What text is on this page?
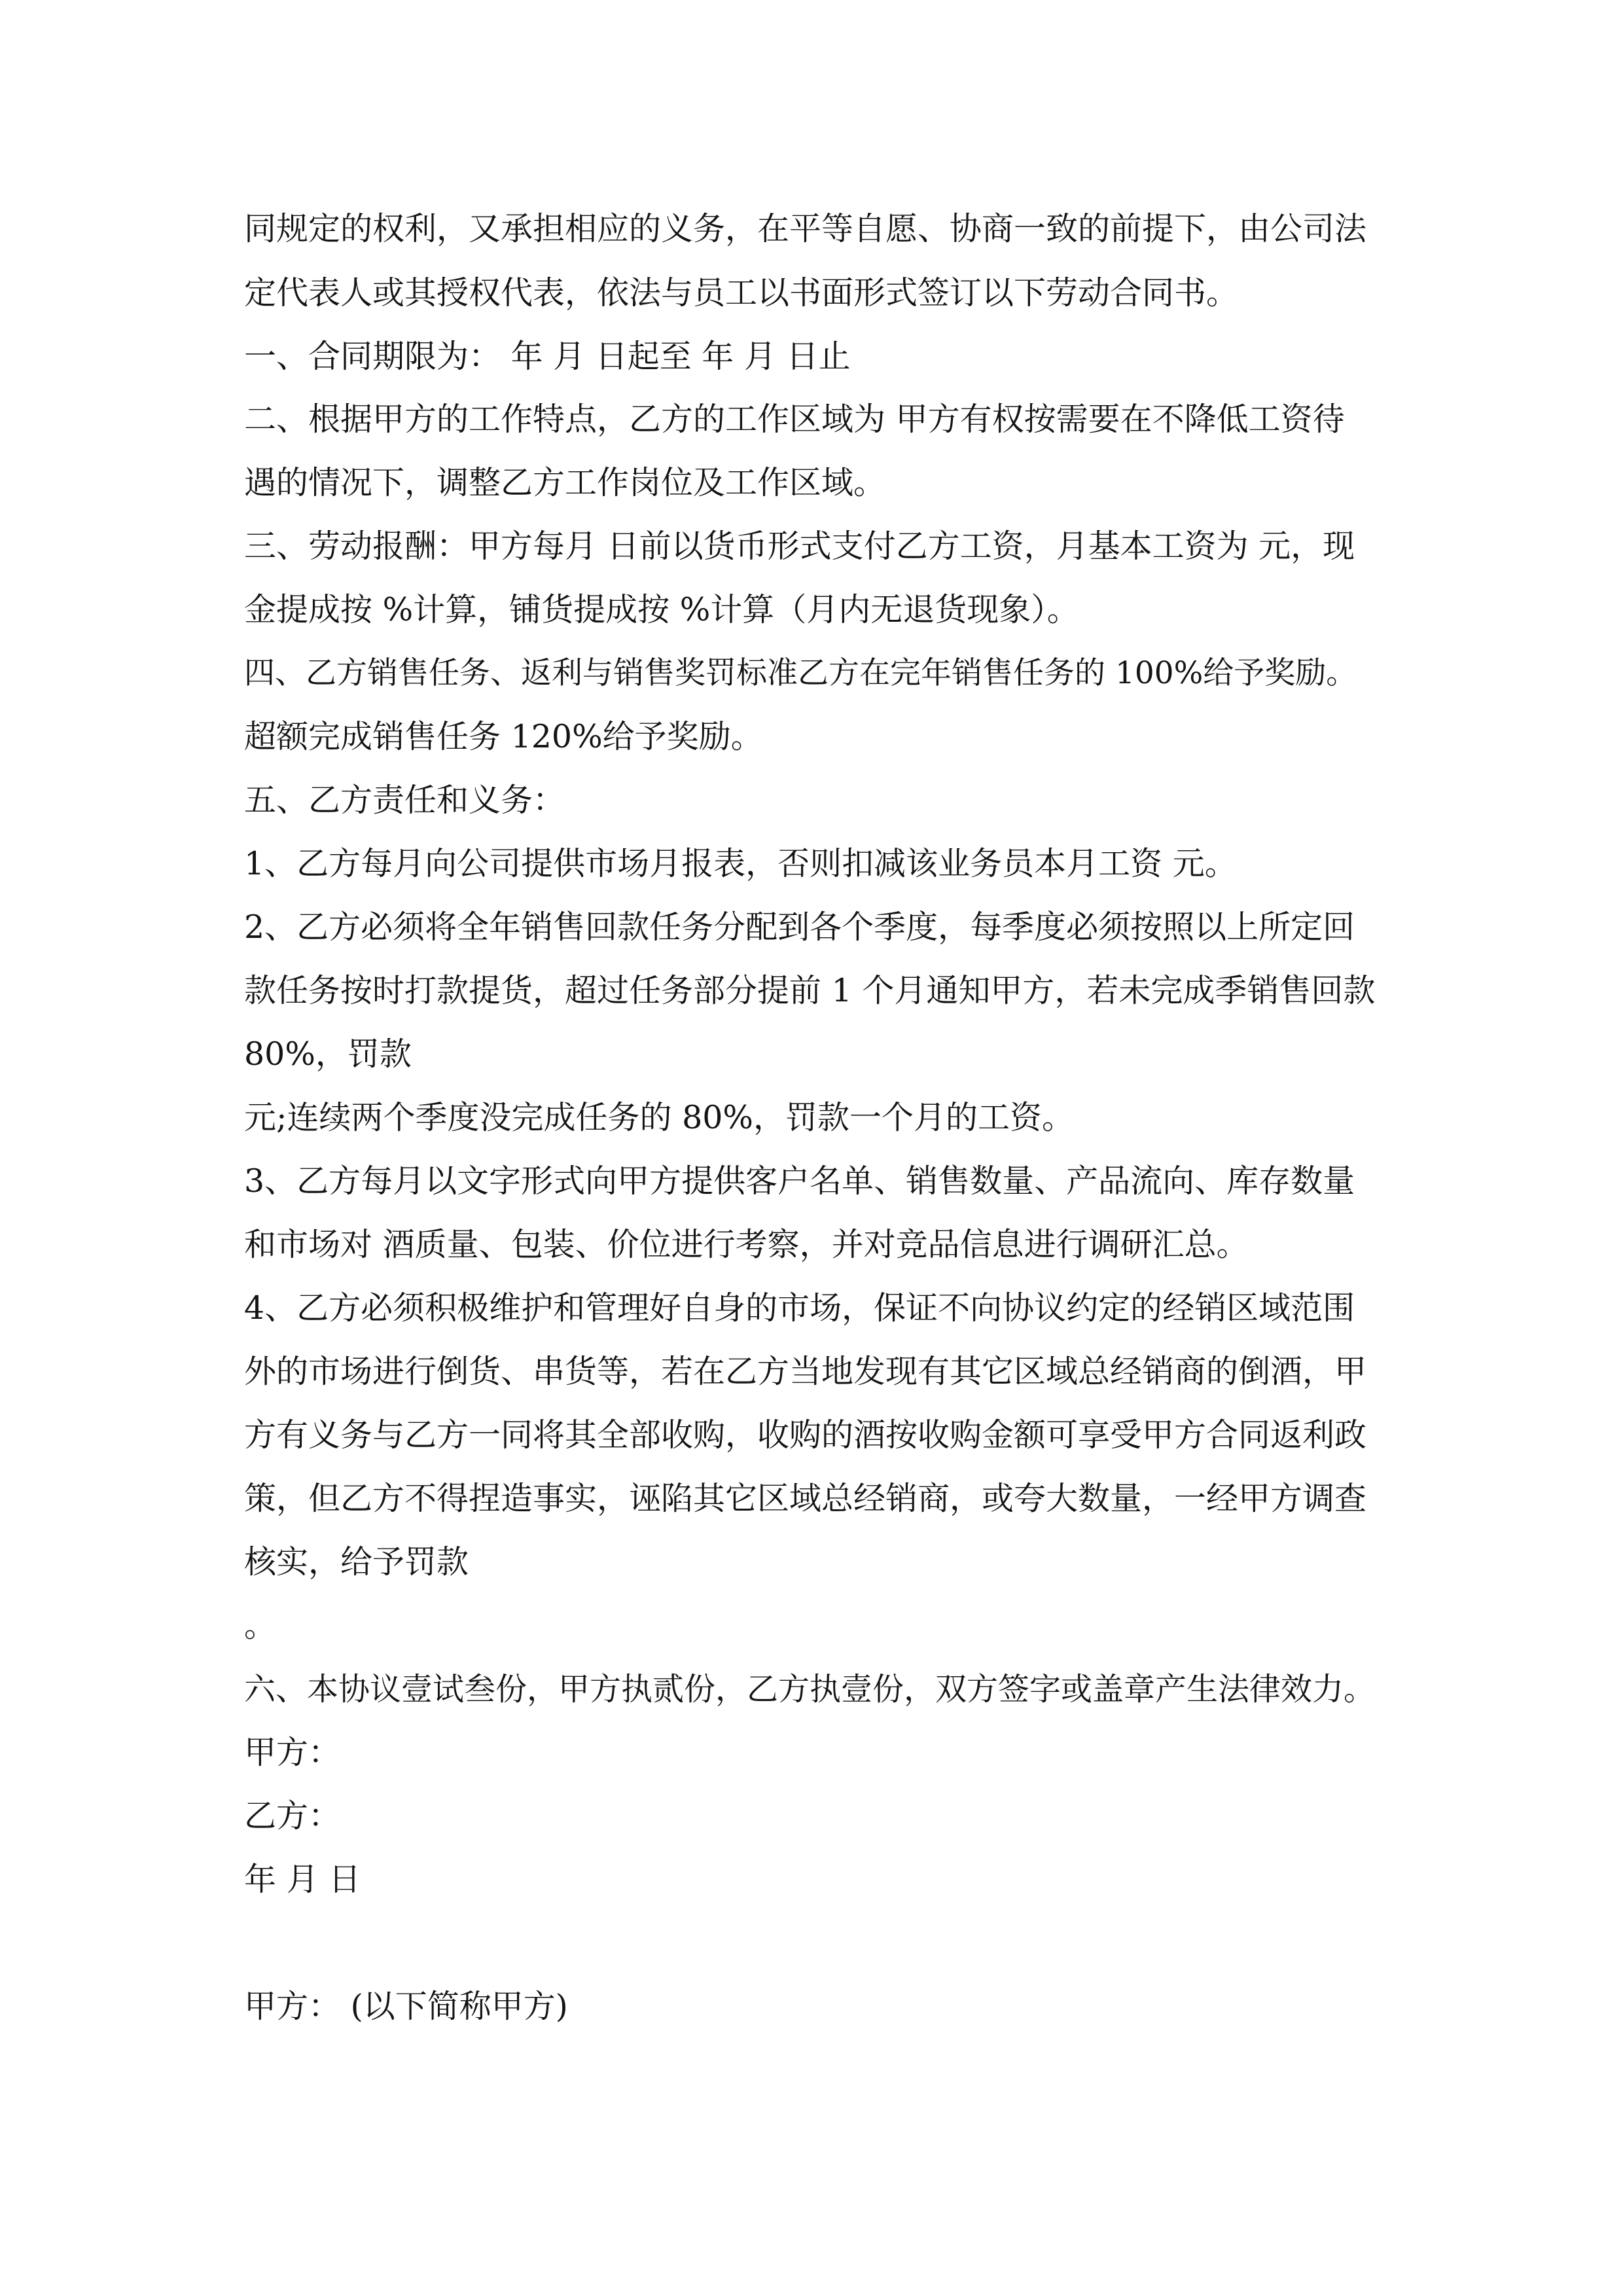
同规定的权利，又承担相应的义务，在平等自愿、协商一致的前提下，由公司法

定代表人或其授权代表，依法与员工以书面形式签订以下劳动合同书。

一、合同期限为： 年 月 日起至 年 月 日止

二、根据甲方的工作特点，乙方的工作区域为 甲方有权按需要在不降低工资待

遇的情况下，调整乙方工作岗位及工作区域。

三、劳动报酬：甲方每月 日前以货币形式支付乙方工资，月基本工资为 元，现

金提成按 %计算，铺货提成按 %计算（月内无退货现象）。

四、乙方销售任务、返利与销售奖罚标准乙方在完年销售任务的 100%给予奖励。

超额完成销售任务 120%给予奖励。

五、乙方责任和义务：

1、乙方每月向公司提供市场月报表，否则扣减该业务员本月工资 元。

2、乙方必须将全年销售回款任务分配到各个季度，每季度必须按照以上所定回

款任务按时打款提货，超过任务部分提前 1 个月通知甲方，若未完成季销售回款

80%，罚款

元;连续两个季度没完成任务的 80%，罚款一个月的工资。

3、乙方每月以文字形式向甲方提供客户名单、销售数量、产品流向、库存数量

和市场对 酒质量、包装、价位进行考察，并对竞品信息进行调研汇总。

4、乙方必须积极维护和管理好自身的市场，保证不向协议约定的经销区域范围

外的市场进行倒货、串货等，若在乙方当地发现有其它区域总经销商的倒酒，甲

方有义务与乙方一同将其全部收购，收购的酒按收购金额可享受甲方合同返利政

策，但乙方不得捏造事实，诬陷其它区域总经销商，或夸大数量，一经甲方调查

核实，给予罚款

。

六、本协议壹试叁份，甲方执贰份，乙方执壹份，双方签字或盖章产生法律效力。

甲方：

乙方：

年 月 日

甲方： (以下简称甲方)
